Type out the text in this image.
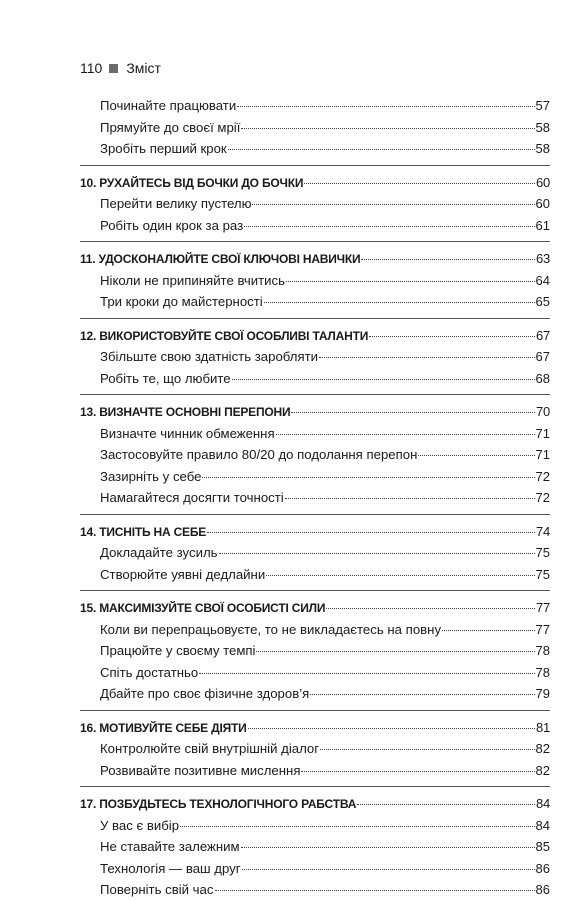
110 Зміст
Починайте працювати	57
Прямуйте до своєї мрії	58
Зробіть перший крок	58
10. РУХАЙТЕСЬ ВІД БОЧКИ ДО БОЧКИ	60
Перейти велику пустелю	60
Робіть один крок за раз	61
11. УДОСКОНАЛЮЙТЕ СВОЇ КЛЮЧОВІ НАВИЧКИ	63
Ніколи не припиняйте вчитись	64
Три кроки до майстерності	65
12. ВИКОРИСТОВУЙТЕ СВОЇ ОСОБЛИВІ ТАЛАНТИ	67
Збільште свою здатність заробляти	67
Робіть те, що любите	68
13. ВИЗНАЧТЕ ОСНОВНІ ПЕРЕПОНИ	70
Визначте чинник обмеження	71
Застосовуйте правило 80/20 до подолання перепон	71
Зазирніть у себе	72
Намагайтеся досягти точності	72
14. ТИСНІТЬ НА СЕБЕ	74
Докладайте зусиль	75
Створюйте уявні дедлайни	75
15. МАКСИМІЗУЙТЕ СВОЇ ОСОБИСТІ СИЛИ	77
Коли ви перепрацьовуєте, то не викладаєтесь на повну	77
Працюйте у своєму темпі	78
Спіть достатньо	78
Дбайте про своє фізичне здоров’я	79
16. МОТИВУЙТЕ СЕБЕ ДІЯТИ	81
Контролюйте свій внутрішній діалог	82
Розвивайте позитивне мислення	82
17. ПОЗБУДЬТЕСЬ ТЕХНОЛОГІЧНОГО РАБСТВА	84
У вас є вибір	84
Не ставайте залежним	85
Технологія — ваш друг	86
Поверніть свій час	86
